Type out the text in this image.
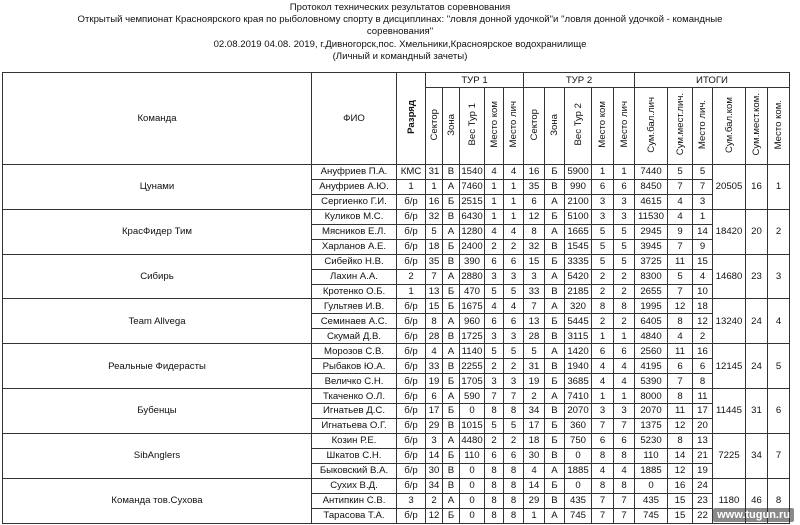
Протокол технических результатов соревнования
Открытый чемпионат Красноярского края по рыболовному спорту в дисциплинах: "ловля донной удочкой"и "ловля донной удочкой - командные
соревнования"
02.08.2019 04.08. 2019, г.Дивногорск,пос. Хмельники,Красноярское водохранилище
(Личный и командный зачеты)
Команда	ФИО	Разряд	ТУР 1					ТУР 2					ИТОГИ					
			Сектор	Зона	Вес Тур 1	Место ком	Место лич	Сектор	Зона	Вес Тур 2	Место ком	Место лич	Сум.бал.лич	Сум.мест.лич.	Место лич.	Сум.бал.ком	Сум.мест.ком.	Место ком.
Цунами	Ануфриев П.А.	КМС	31	В	1540	4	4	16	Б	5900	1	1	7440	5	5	20505	16	1
	Ануфриев А.Ю.	1	1	А	7460	1	1	35	В	990	6	6	8450	7	7			
	Сергиенко Г.И.	б/р	16	Б	2515	1	1	6	А	2100	3	3	4615	4	3			
КрасФидер Тим	Куликов М.С.	б/р	32	В	6430	1	1	12	Б	5100	3	3	11530	4	1	18420	20	2
	Мясников Е.Л.	б/р	5	А	1280	4	4	8	А	1665	5	5	2945	9	14			
	Харланов А.Е.	б/р	18	Б	2400	2	2	32	В	1545	5	5	3945	7	9			
Сибирь	Сибейко Н.В.	б/р	35	В	390	6	6	15	Б	3335	5	5	3725	11	15	14680	23	3
	Лахин А.А.	2	7	А	2880	3	3	3	А	5420	2	2	8300	5	4			
	Кротенко О.Б.	1	13	Б	470	5	5	33	В	2185	2	2	2655	7	10			
Team Allvega	Гультяев И.В.	б/р	15	Б	1675	4	4	7	А	320	8	8	1995	12	18	13240	24	4
	Семинаев А.С.	б/р	8	А	960	6	6	13	Б	5445	2	2	6405	8	12			
	Скумай Д.В.	б/р	28	В	1725	3	3	28	В	3115	1	1	4840	4	2			
Реальные Фидерасты	Морозов С.В.	б/р	4	А	1140	5	5	5	А	1420	6	6	2560	11	16	12145	24	5
	Рыбаков Ю.А.	б/р	33	В	2255	2	2	31	В	1940	4	4	4195	6	6			
	Величко С.Н.	б/р	19	Б	1705	3	3	19	Б	3685	4	4	5390	7	8			
Бубенцы	Ткаченко О.Л.	б/р	6	А	590	7	7	2	А	7410	1	1	8000	8	11	11445	31	6
	Игнатьев Д.С.	б/р	17	Б	0	8	8	34	В	2070	3	3	2070	11	17			
	Игнатьева О.Г.	б/р	29	В	1015	5	5	17	Б	360	7	7	1375	12	20			
SibAnglers	Козин Р.Е.	б/р	3	А	4480	2	2	18	Б	750	6	6	5230	8	13	7225	34	7
	Шкатов С.Н.	б/р	14	Б	110	6	6	30	В	0	8	8	110	14	21			
	Быковский В.А.	б/р	30	В	0	8	8	4	А	1885	4	4	1885	12	19			
Команда тов.Сухова	Сухих В.Д.	б/р	34	В	0	8	8	14	Б	0	8	8	0	16	24	1180	46	8
	Антипкин С.В.	3	2	А	0	8	8	29	В	435	7	7	435	15	23			
	Тарасова Т.А.	б/р	12	Б	0	8	8	1	А	745	7	7	745	15	22			www.tugun.ru
